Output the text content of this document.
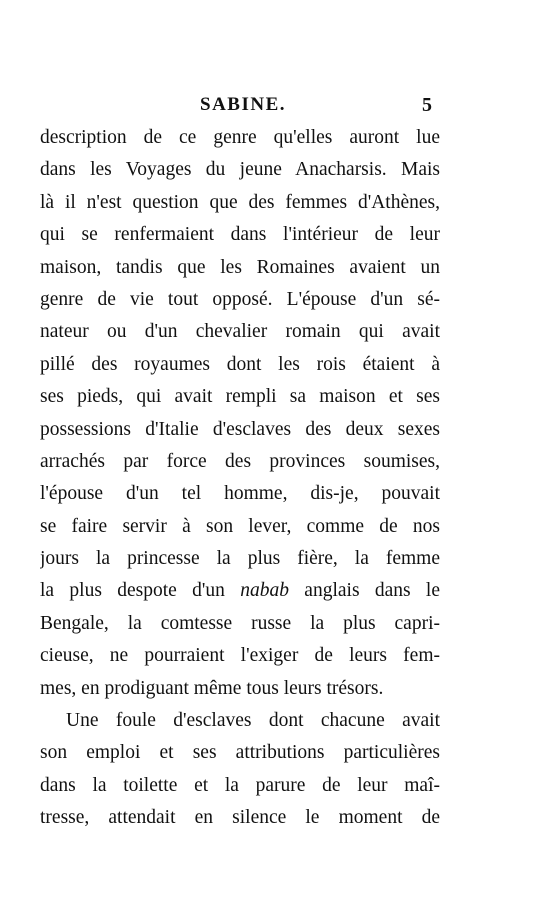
SABINE.	5
description de ce genre qu'elles auront lue
dans les Voyages du jeune Anacharsis. Mais
là il n'est question que des femmes d'Athènes,
qui se renfermaient dans l'intérieur de leur
maison, tandis que les Romaines avaient un
genre de vie tout opposé. L'épouse d'un sé-
nateur ou d'un chevalier romain qui avait
pillé des royaumes dont les rois étaient à
ses pieds, qui avait rempli sa maison et ses
possessions d'Italie d'esclaves des deux sexes
arrachés par force des provinces soumises,
l'épouse d'un tel homme, dis-je, pouvait
se faire servir à son lever, comme de nos
jours la princesse la plus fière, la femme
la plus despote d'un nabab anglais dans le
Bengale, la comtesse russe la plus capri-
cieuse, ne pourraient l'exiger de leurs fem-
mes, en prodiguant même tous leurs trésors.
Une foule d'esclaves dont chacune avait
son emploi et ses attributions particulières
dans la toilette et la parure de leur maî-
tresse, attendait en silence le moment de
